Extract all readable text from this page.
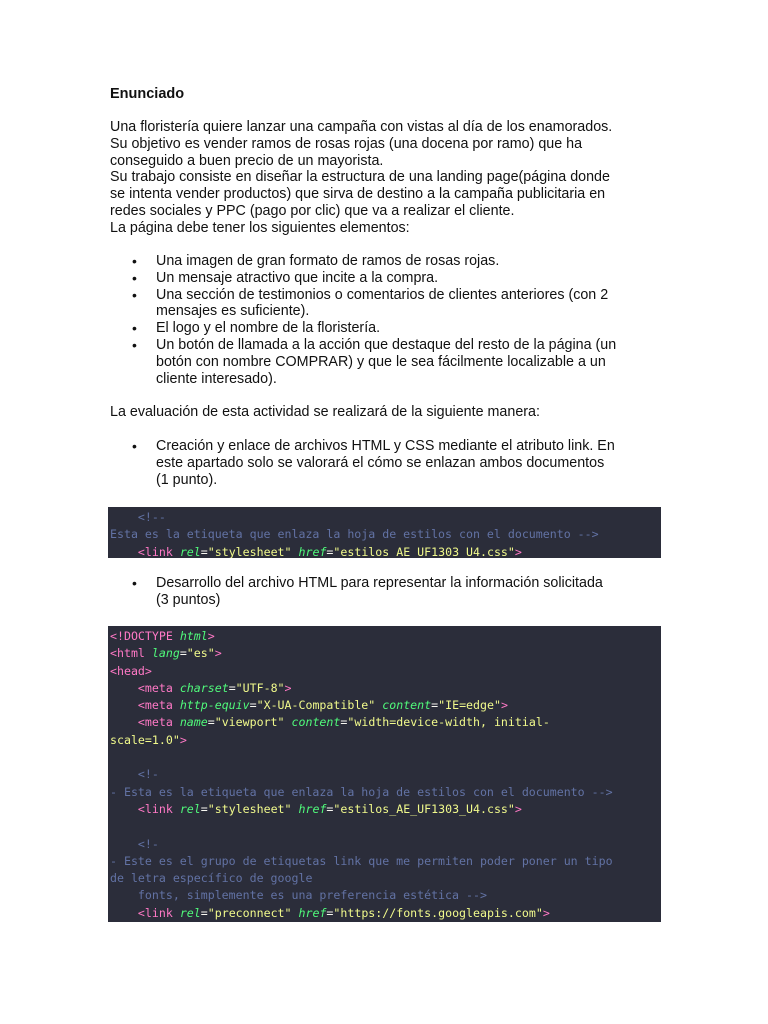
Enunciado
Una floristería quiere lanzar una campaña con vistas al día de los enamorados.
Su objetivo es vender ramos de rosas rojas (una docena por ramo) que ha
conseguido a buen precio de un mayorista.
Su trabajo consiste en diseñar la estructura de una landing page(página donde
se intenta vender productos) que sirva de destino a la campaña publicitaria en
redes sociales y PPC (pago por clic) que va a realizar el cliente.
La página debe tener los siguientes elementos:
• Una imagen de gran formato de ramos de rosas rojas.
• Un mensaje atractivo que incite a la compra.
• Una sección de testimonios o comentarios de clientes anteriores (con 2
mensajes es suficiente).
• El logo y el nombre de la floristería.
• Un botón de llamada a la acción que destaque del resto de la página (un
botón con nombre COMPRAR) y que le sea fácilmente localizable a un
cliente interesado).
La evaluación de esta actividad se realizará de la siguiente manera:
• Creación y enlace de archivos HTML y CSS mediante el atributo link. En
este apartado solo se valorará el cómo se enlazan ambos documentos
(1 punto).
• Desarrollo del archivo HTML para representar la información solicitada
(3 puntos)
<!--
Esta es la etiqueta que enlaza la hoja de estilos con el documento -->
<link rel="stylesheet" href="estilos_AE_UF1303_U4.css">
<!DOCTYPE html>
<html lang="es">
<head>
<meta charset="UTF-8">
<meta http-equiv="X-UA-Compatible" content="IE=edge">
<meta name="viewport" content="width=device-width, initial-
scale=1.0">
<!-
- Esta es la etiqueta que enlaza la hoja de estilos con el documento -->
<link rel="stylesheet" href="estilos_AE_UF1303_U4.css">
<!-
- Este es el grupo de etiquetas link que me permiten poder poner un tipo
de letra específico de google
fonts, simplemente es una preferencia estética -->
<link rel="preconnect" href="https://fonts.googleapis.com">
